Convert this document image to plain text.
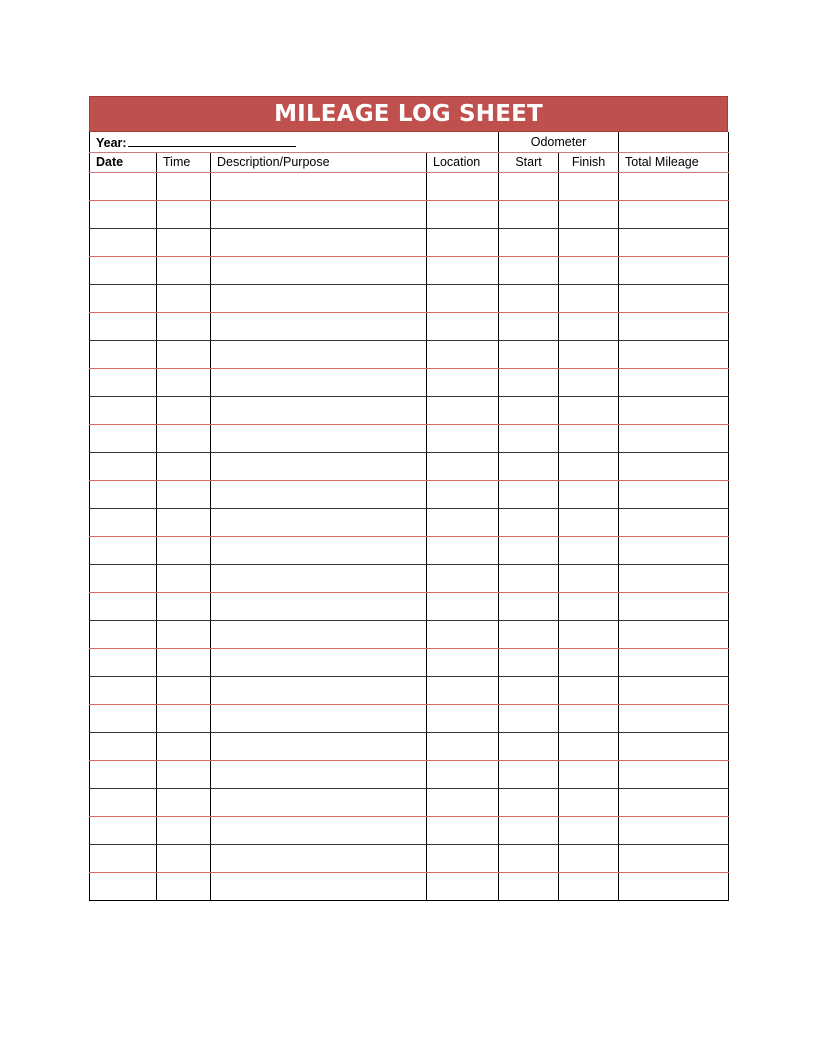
MILEAGE LOG SHEET
Year:				Odometer		
Date	Time	Description/Purpose	Location	Start	Finish	Total Mileage
